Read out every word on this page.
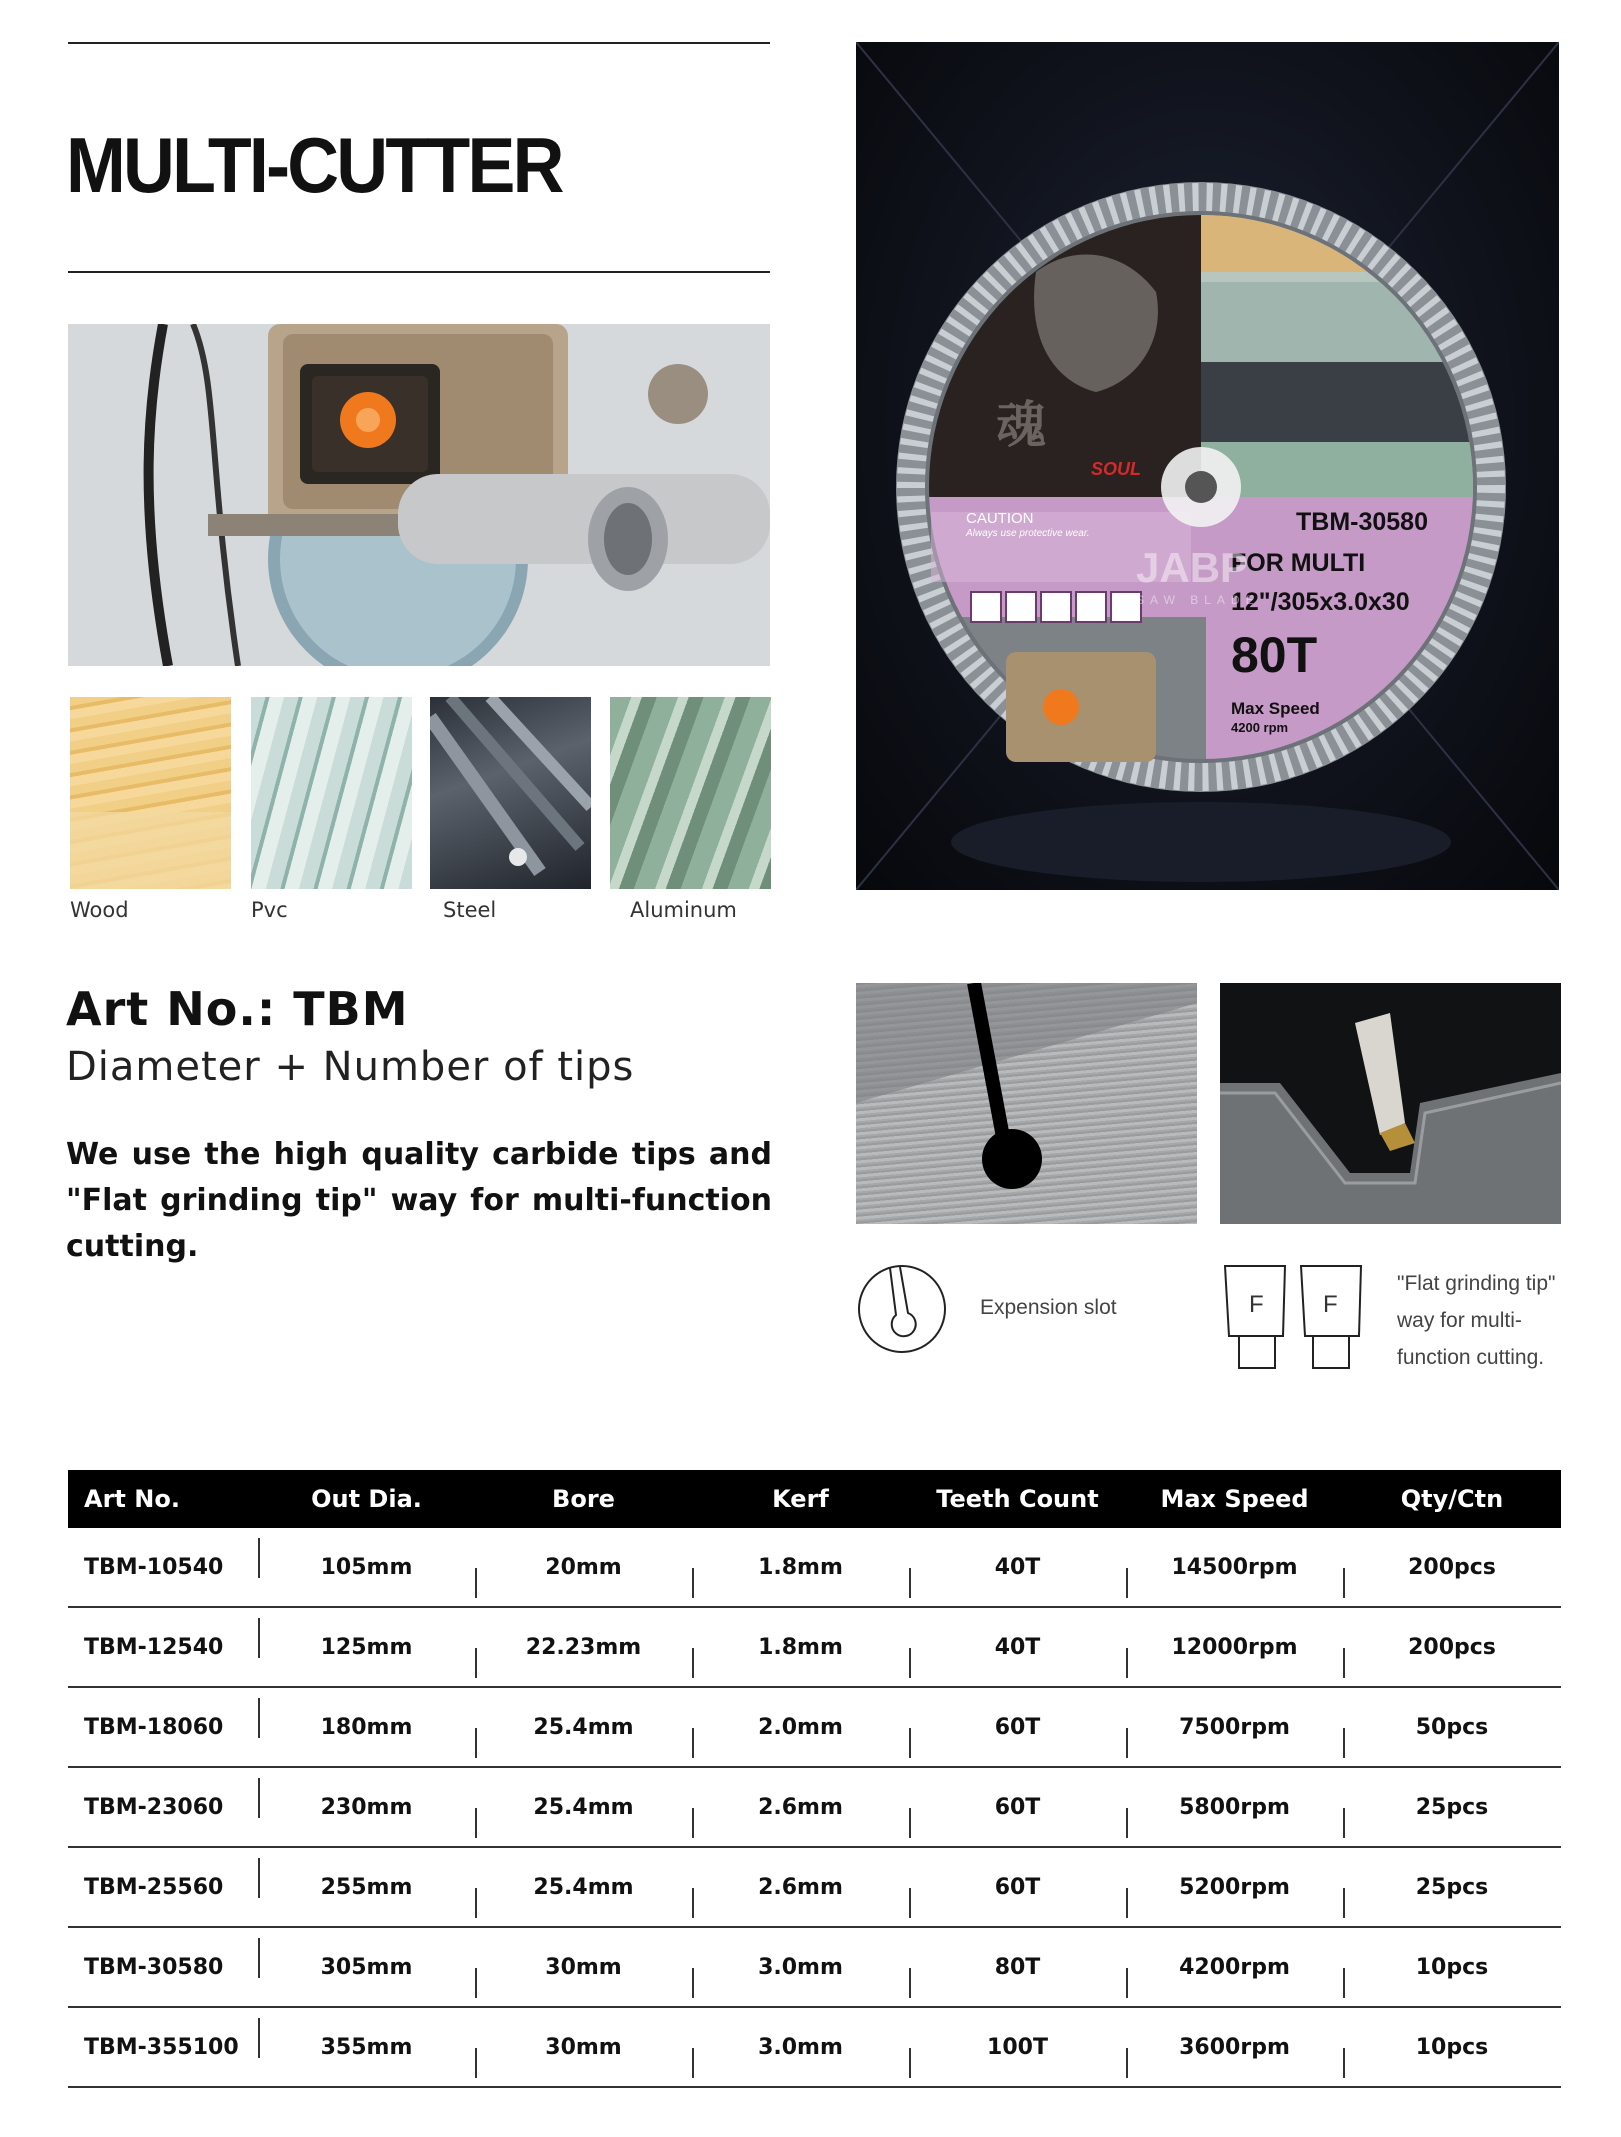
MULTI-CUTTER
Wood	Pvc	Steel	Aluminum
Art No.: TBM
Diameter + Number of tips
We use the high quality carbide tips and "Flat grinding tip" way for multi-function cutting.
魂
SOUL
CAUTION
Always use protective wear.	TBM-30580
FOR MULTI
12"/305x3.0x30
80T
Max Speed
4200 rpm
JABP
SAW BLADE
Expension slot	F F
"Flat grinding tip"
way for multi-
function cutting.
Art No.	Out Dia.	Bore	Kerf	Teeth Count	Max Speed	Qty/Ctn
TBM-10540	105mm	20mm	1.8mm	40T	14500rpm	200pcs
TBM-12540	125mm	22.23mm	1.8mm	40T	12000rpm	200pcs
TBM-18060	180mm	25.4mm	2.0mm	60T	7500rpm	50pcs
TBM-23060	230mm	25.4mm	2.6mm	60T	5800rpm	25pcs
TBM-25560	255mm	25.4mm	2.6mm	60T	5200rpm	25pcs
TBM-30580	305mm	30mm	3.0mm	80T	4200rpm	10pcs
TBM-355100	355mm	30mm	3.0mm	100T	3600rpm	10pcs
